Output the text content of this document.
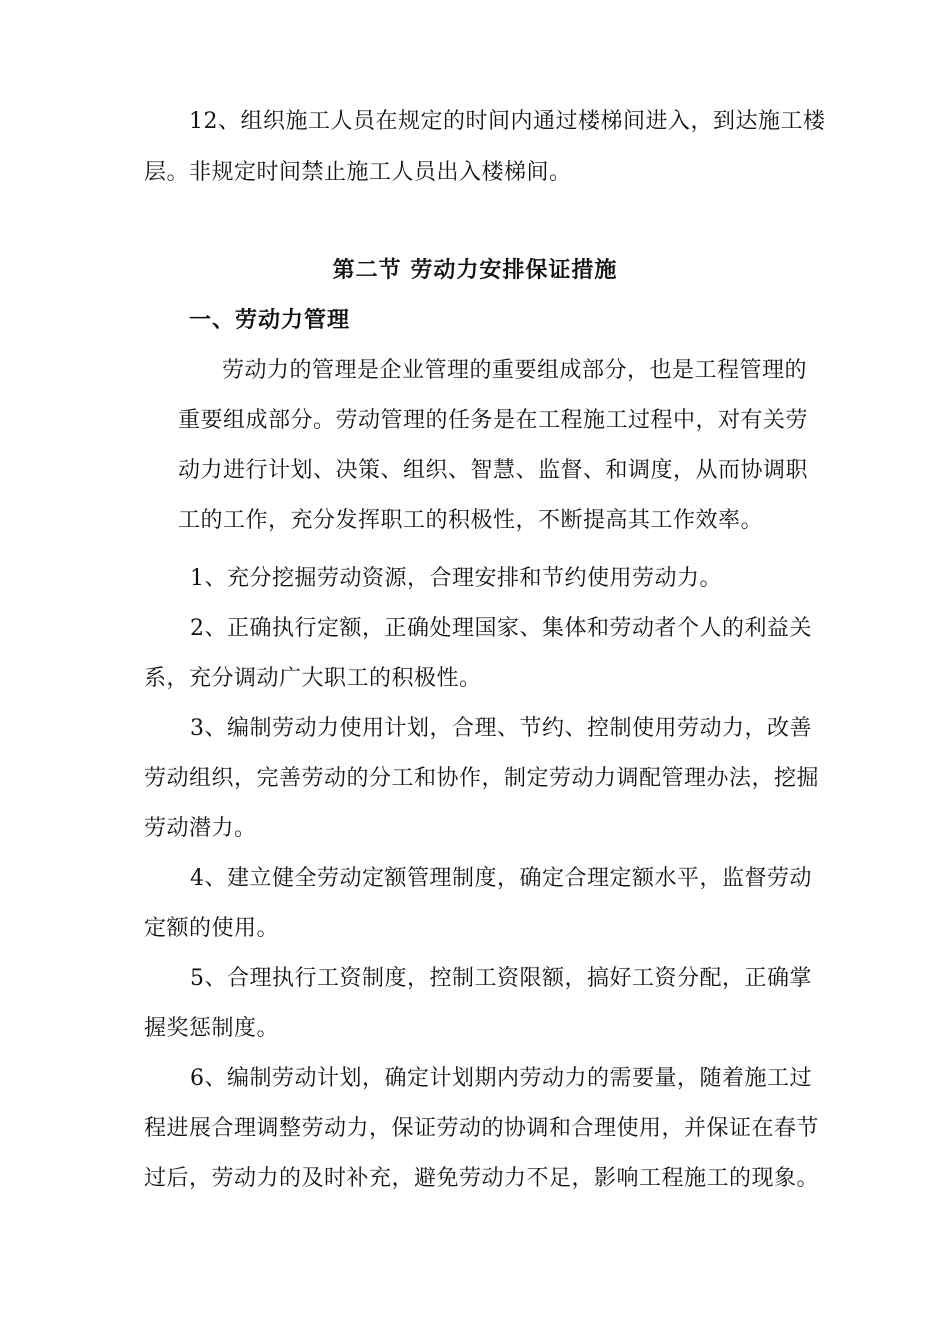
12、组织施工人员在规定的时间内通过楼梯间进入，到达施工楼
层。非规定时间禁止施工人员出入楼梯间。
第二节 劳动力安排保证措施
一、劳动力管理
劳动力的管理是企业管理的重要组成部分，也是工程管理的
重要组成部分。劳动管理的任务是在工程施工过程中，对有关劳
动力进行计划、决策、组织、智慧、监督、和调度，从而协调职
工的工作，充分发挥职工的积极性，不断提高其工作效率。
1、充分挖掘劳动资源，合理安排和节约使用劳动力。
2、正确执行定额，正确处理国家、集体和劳动者个人的利益关
系，充分调动广大职工的积极性。
3、编制劳动力使用计划，合理、节约、控制使用劳动力，改善
劳动组织，完善劳动的分工和协作，制定劳动力调配管理办法，挖掘
劳动潜力。
4、建立健全劳动定额管理制度，确定合理定额水平，监督劳动
定额的使用。
5、合理执行工资制度，控制工资限额，搞好工资分配，正确掌
握奖惩制度。
6、编制劳动计划，确定计划期内劳动力的需要量，随着施工过
程进展合理调整劳动力，保证劳动的协调和合理使用，并保证在春节
过后，劳动力的及时补充，避免劳动力不足，影响工程施工的现象。
